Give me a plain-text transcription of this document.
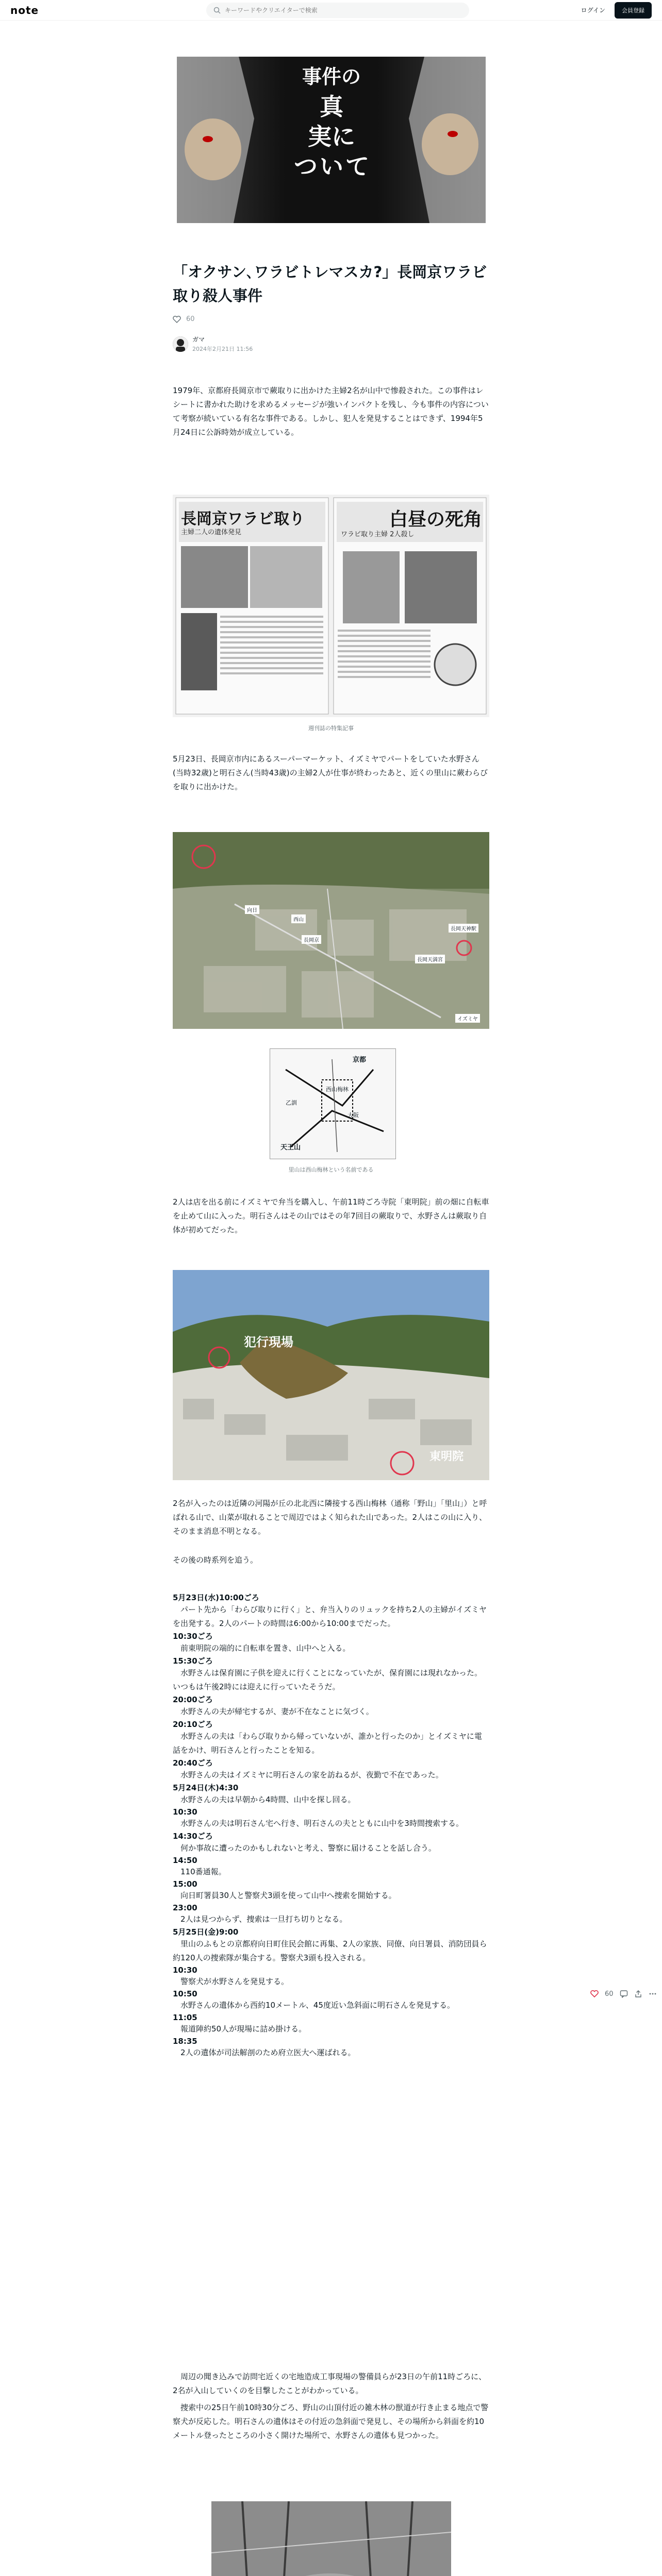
note
キーワードやクリエイターで検索	ログイン	会員登録
事件の
真
実に
つ い て
「オクサン､ワラビトレマスカ?」長岡京ワラビ取り殺人事件
60
ガマ
2024年2月21日 11:56

1979年、京都府長岡京市で蕨取りに出かけた主婦2名が山中で惨殺された。この事件はレシートに書かれた助けを求めるメッセージが強いインパクトを残し、今も事件の内容について考察が続いている有名な事件である。しかし、犯人を発見することはできず、1994年5月24日に公訴時効が成立している。

長岡京ワラビ取り
主婦二人の遺体発見
白昼の死角
ワラビ取り主婦 2人殺し
週刊誌の特集記事

5月23日、長岡京市内にあるスーパーマーケット、イズミヤでパートをしていた水野さん(当時32歳)と明石さん(当時43歳)の主婦2人が仕事が終わったあと、近くの里山に蕨わらびを取りに出かけた。

向日
西山
長岡京
長岡天神駅
長岡天満宮
イズミヤ
京都
乙訓
西山梅林
大阪
天王山
里山は西山梅林という名前である

2人は店を出る前にイズミヤで弁当を購入し、午前11時ごろ寺院「東明院」前の畑に自転車を止めて山に入った。明石さんはその山ではその年7回目の蕨取りで、水野さんは蕨取り自体が初めてだった。

犯行現場
東明院

2名が入ったのは近隣の河陽が丘の北北西に隣接する西山梅林（通称「野山」「里山」）と呼ばれる山で、山菜が取れることで周辺ではよく知られた山であった。2人はこの山に入り、そのまま消息不明となる。

その後の時系列を追う。

5月23日(水)10:00ごろ

パート先から「わらび取りに行く」と、弁当入りのリュックを持ち2人の主婦がイズミヤを出発する。2人のパートの時間は6:00から10:00までだった。

10:30ごろ

前東明院の端的に自転車を置き、山中へと入る。

15:30ごろ

水野さんは保育園に子供を迎えに行くことになっていたが、保育園には現れなかった。いつもは午後2時には迎えに行っていたそうだ。

20:00ごろ

水野さんの夫が帰宅するが、妻が不在なことに気づく。

20:10ごろ

水野さんの夫は「わらび取りから帰っていないが、誰かと行ったのか」とイズミヤに電話をかけ、明石さんと行ったことを知る。

20:40ごろ

水野さんの夫はイズミヤに明石さんの家を訪ねるが、夜勤で不在であった。

5月24日(木)4:30

水野さんの夫は早朝から4時間、山中を探し回る。

10:30

水野さんの夫は明石さん宅へ行き、明石さんの夫とともに山中を3時間捜索する。

14:30ごろ

何か事故に遭ったのかもしれないと考え、警察に届けることを話し合う。

14:50

110番通報。

15:00

向日町署員30人と警察犬3頭を使って山中へ捜索を開始する。

23:00

2人は見つからず、捜索は一旦打ち切りとなる。

5月25日(金)9:00

里山のふもとの京都府向日町住民会館に再集、2人の家族、同僚、向日署員、消防団員ら約120人の捜索隊が集合する。警察犬3頭も投入される。

10:30

警察犬が水野さんを発見する。

10:50

水野さんの遺体から西約10メートル、45度近い急斜面に明石さんを発見する。

11:05

報道陣約50人が現場に詰め掛ける。

18:35

2人の遺体が司法解剖のため府立医大へ運ばれる。

周辺の聞き込みで訪問宅近くの宅地造成工事現場の警備員らが23日の午前11時ごろに、2名が入山していくのを目撃したことがわかっている。

捜索中の25日午前10時30分ごろ、野山の山頂付近の雑木林の獣道が行き止まる地点で警察犬が反応した。明石さんの遺体はその付近の急斜面で発見し、その場所から斜面を約10メートル登ったところの小さく開けた場所で、水野さんの遺体も見つかった。

60
